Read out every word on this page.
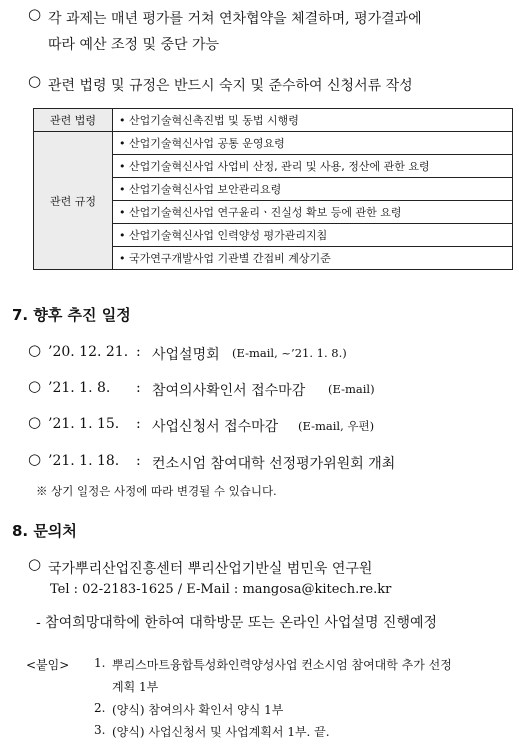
○ 각 과제는 매년 평가를 거쳐 연차협약을 체결하며, 평가결과에
따라 예산 조정 및 중단 가능
○ 관련 법령 및 규정은 반드시 숙지 및 준수하여 신청서류 작성
관련 법령	• 산업기술혁신촉진법 및 동법 시행령
관련 규정	• 산업기술혁신사업 공통 운영요령
	• 산업기술혁신사업 사업비 산정, 관리 및 사용, 정산에 관한 요령
	• 산업기술혁신사업 보안관리요령
	• 산업기술혁신사업 연구윤리ㆍ진실성 확보 등에 관한 요령
	• 산업기술혁신사업 인력양성 평가관리지침
	• 국가연구개발사업 기관별 간접비 계상기준
7. 향후 추진 일정
○ ’20. 12. 21. : 사업설명회 (E-mail, ~’21. 1. 8.)
○ ’21. 1. 8. : 참여의사확인서 접수마감 (E-mail)
○ ’21. 1. 15. : 사업신청서 접수마감 (E-mail, 우편)
○ ’21. 1. 18. : 컨소시엄 참여대학 선정평가위원회 개최
※ 상기 일정은 사정에 따라 변경될 수 있습니다.
8. 문의처
○ 국가뿌리산업진흥센터 뿌리산업기반실 범민욱 연구원
Tel : 02-2183-1625 / E-Mail : mangosa@kitech.re.kr
- 참여희망대학에 한하여 대학방문 또는 온라인 사업설명 진행예정
<붙임> 1. 뿌리스마트융합특성화인력양성사업 컨소시엄 참여대학 추가 선정
계획 1부
2. (양식) 참여의사 확인서 양식 1부
3. (양식) 사업신청서 및 사업계획서 1부. 끝.
